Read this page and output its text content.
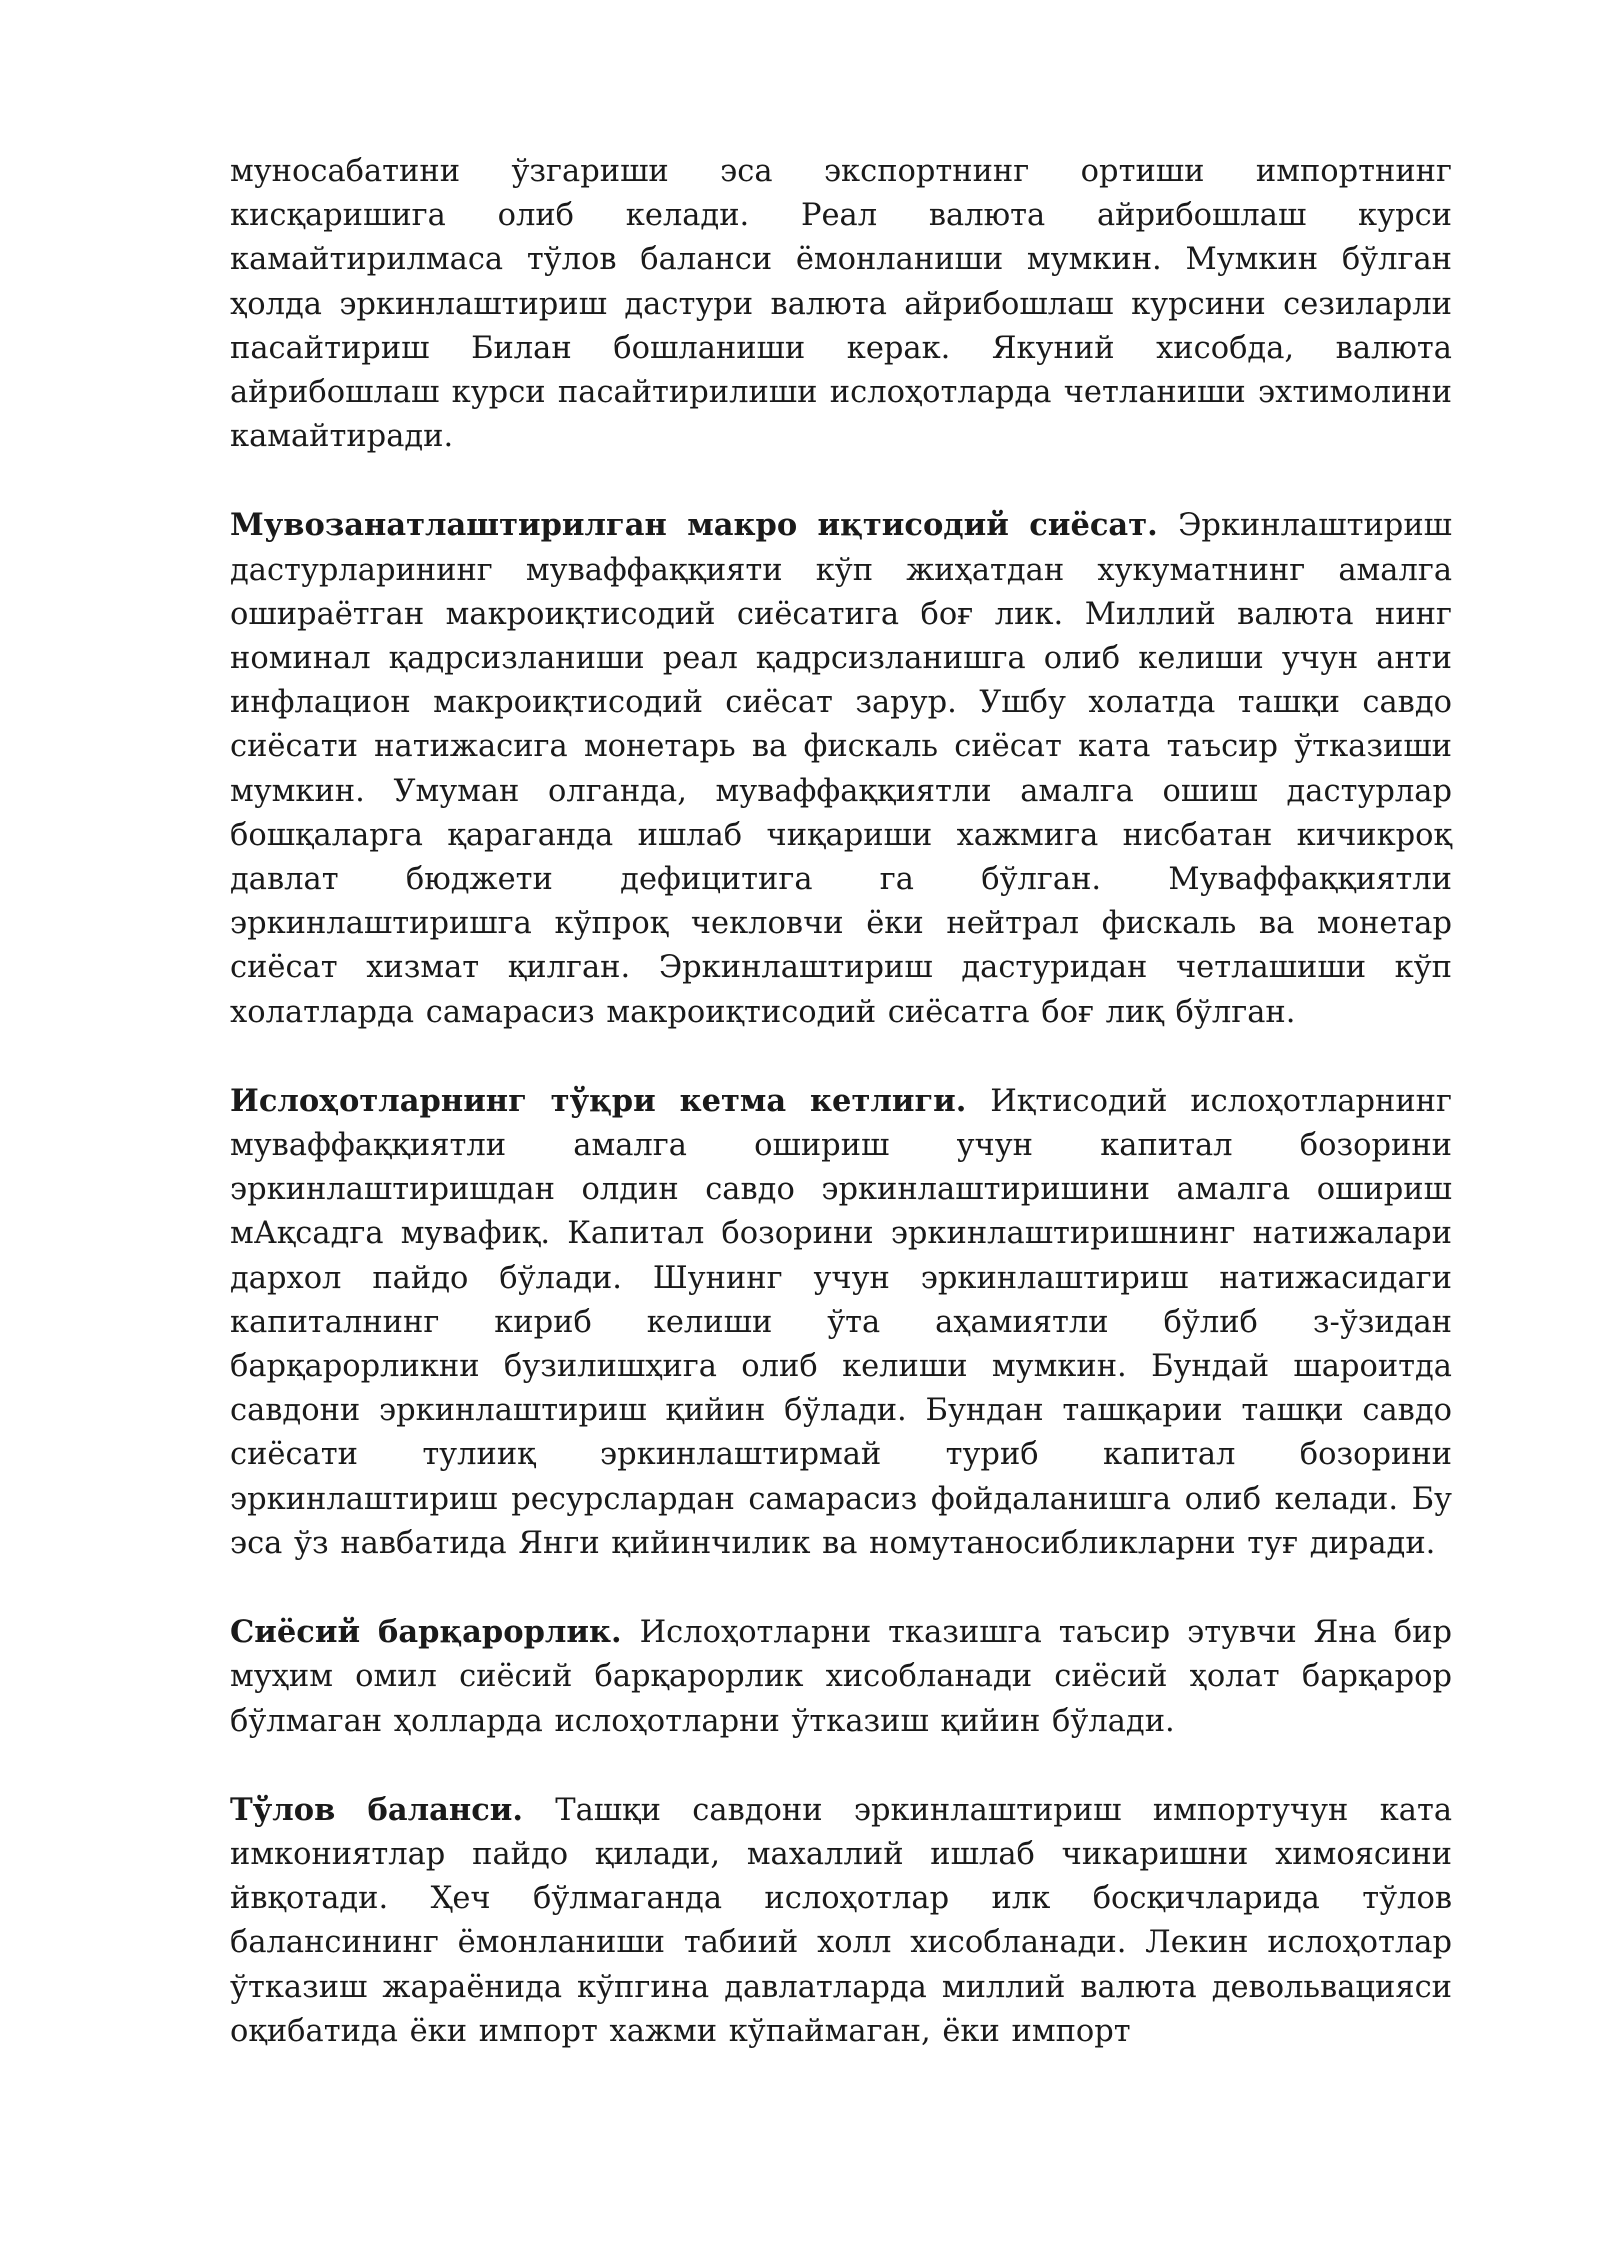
муносабатини ўзгариши эса экспортнинг ортиши импортнинг кисқаришига олиб келади. Реал валюта айрибошлаш курси камайтирилмаса тўлов баланси ёмонланиши мумкин. Мумкин бўлган ҳолда эркинлаштириш дастури валюта айрибошлаш курсини сезиларли пасайтириш Билан бошланиши керак. Якуний хисобда, валюта айрибошлаш курси пасайтирилиши ислоҳотларда четланиши эхтимолини камайтиради.

Мувозанатлаштирилган макро иқтисодий сиёсат. Эркинлаштириш дастурларининг муваффаққияти кўп жиҳатдан хукуматнинг амалга ошираётган макроиқтисодий сиёсатига боғ лик. Миллий валюта нинг номинал қадрсизланиши реал қадрсизланишга олиб келиши учун анти инфлацион макроиқтисодий сиёсат зарур. Ушбу холатда ташқи савдо сиёсати натижасига монетарь ва фискаль сиёсат ката таъсир ўтказиши мумкин. Умуман олганда, муваффаққиятли амалга ошиш дастурлар бошқаларга қараганда ишлаб чиқариши хажмига нисбатан кичикроқ давлат бюджети дефицитига га бўлган. Муваффаққиятли эркинлаштиришга кўпроқ чекловчи ёки нейтрал фискаль ва монетар сиёсат хизмат қилган. Эркинлаштириш дастуридан четлашиши кўп холатларда самарасиз макроиқтисодий сиёсатга боғ лиқ бўлган.

Ислоҳотларнинг тўқри кетма кетлиги. Иқтисодий ислоҳотларнинг муваффаққиятли амалга ошириш учун капитал бозорини эркинлаштиришдан олдин савдо эркинлаштиришини амалга ошириш мАқсадга мувафиқ. Капитал бозорини эркинлаштиришнинг натижалари дархол пайдо бўлади. Шунинг учун эркинлаштириш натижасидаги капиталнинг кириб келиши ўта аҳамиятли бўлиб з-ўзидан барқарорликни бузилишҳига олиб келиши мумкин. Бундай шароитда савдони эркинлаштириш қийин бўлади. Бундан ташқарии ташқи савдо сиёсати тулииқ эркинлаштирмай туриб капитал бозорини эркинлаштириш ресурслардан самарасиз фойдаланишга олиб келади. Бу эса ўз навбатида Янги қийинчилик ва номутаносибликларни туғ диради.

Сиёсий барқарорлик. Ислоҳотларни тказишга таъсир этувчи Яна бир муҳим омил сиёсий барқарорлик хисобланади сиёсий ҳолат барқарор бўлмаган ҳолларда ислоҳотларни ўтказиш қийин бўлади.

Тўлов баланси. Ташқи савдони эркинлаштириш импортучун ката имкониятлар пайдо қилади, махаллий ишлаб чикаришни химоясини йвқотади. Ҳеч бўлмаганда ислоҳотлар илк босқичларида тўлов балансининг ёмонланиши табиий холл хисобланади. Лекин ислоҳотлар ўтказиш жараёнида кўпгина давлатларда миллий валюта девольвацияси оқибатида ёки импорт хажми кўпаймаган, ёки импорт
